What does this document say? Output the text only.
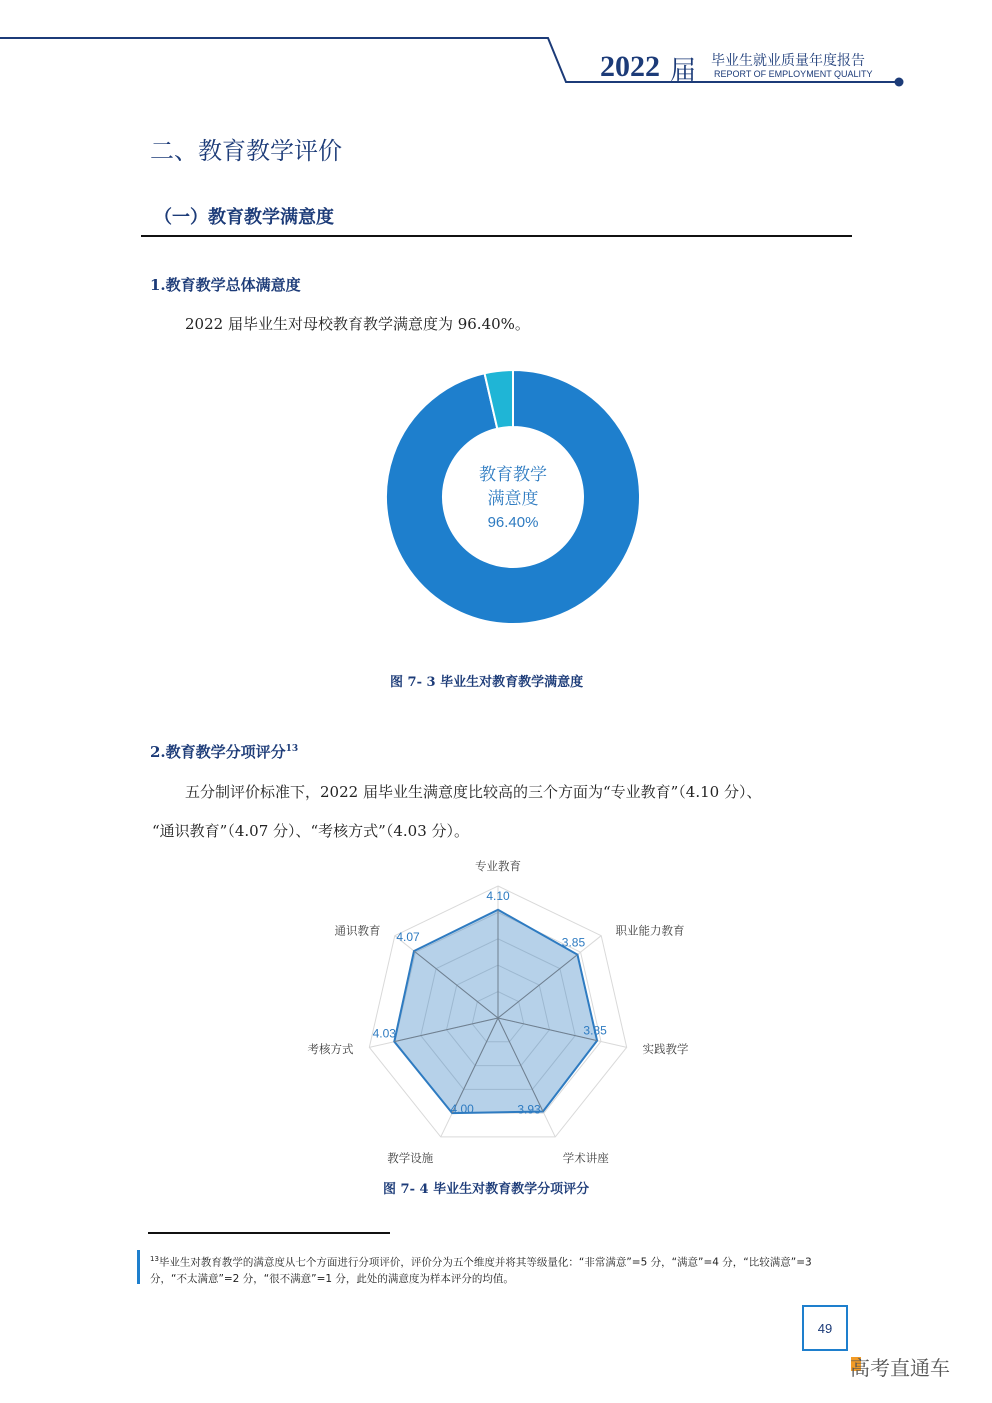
2022 届 毕业生就业质量年度报告
REPORT OF EMPLOYMENT QUALITY
二、教育教学评价
（一）教育教学满意度
1.教育教学总体满意度
2022 届毕业生对母校教育教学满意度为 96.40%。
教育教学
满意度
96.40%
图 7- 3 毕业生对教育教学满意度
2.教育教学分项评分$^{13}$
五分制评价标准下，2022 届毕业生满意度比较高的三个方面为“专业教育”（4.10 分）、
“通识教育”（4.07 分）、“考核方式”（4.03 分）。
专业教育
职业能力教育
实践教学
学术讲座
教学设施
考核方式
通识教育
4.10
3.85
3.85
3.93
4.00
4.03
4.07
图 7- 4 毕业生对教育教学分项评分
$^{13}$毕业生对教育教学的满意度从七个方面进行分项评价，评价分为五个维度并将其等级量化：“非常满意”=5 分，“满意”=4 分，“比较满意”=3 分，“不太满意”=2 分，“很不满意”=1 分，此处的满意度为样本评分的均值。
49
高考直通车
